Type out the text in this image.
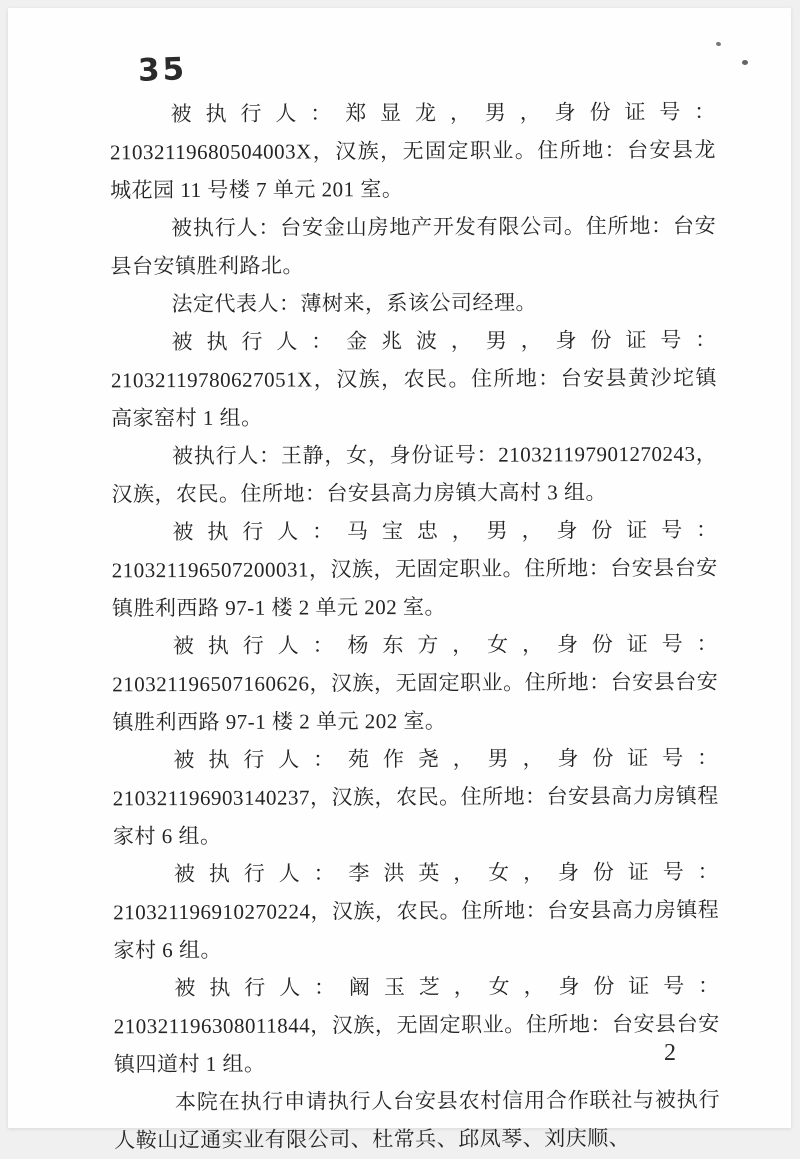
35

被执行人：郑显龙，男，身份证号：21032119680504003X，汉族，无固定职业。住所地：台安县龙城花园 11 号楼 7 单元 201 室。

被执行人：台安金山房地产开发有限公司。住所地：台安县台安镇胜利路北。

法定代表人：薄树来，系该公司经理。

被执行人：金兆波，男，身份证号：21032119780627051X，汉族，农民。住所地：台安县黄沙坨镇高家窑村 1 组。

被执行人：王静，女，身份证号：210321197901270243，汉族，农民。住所地：台安县高力房镇大高村 3 组。

被执行人：马宝忠，男，身份证号：210321196507200031，汉族，无固定职业。住所地：台安县台安镇胜利西路 97-1 楼 2 单元 202 室。

被执行人：杨东方，女，身份证号：210321196507160626，汉族，无固定职业。住所地：台安县台安镇胜利西路 97-1 楼 2 单元 202 室。

被执行人：苑作尧，男，身份证号：210321196903140237，汉族，农民。住所地：台安县高力房镇程家村 6 组。

被执行人：李洪英，女，身份证号：210321196910270224，汉族，农民。住所地：台安县高力房镇程家村 6 组。

被执行人：阚玉芝，女，身份证号：210321196308011844，汉族，无固定职业。住所地：台安县台安镇四道村 1 组。

本院在执行申请执行人台安县农村信用合作联社与被执行人鞍山辽通实业有限公司、杜常兵、邱凤琴、刘庆顺、

2
